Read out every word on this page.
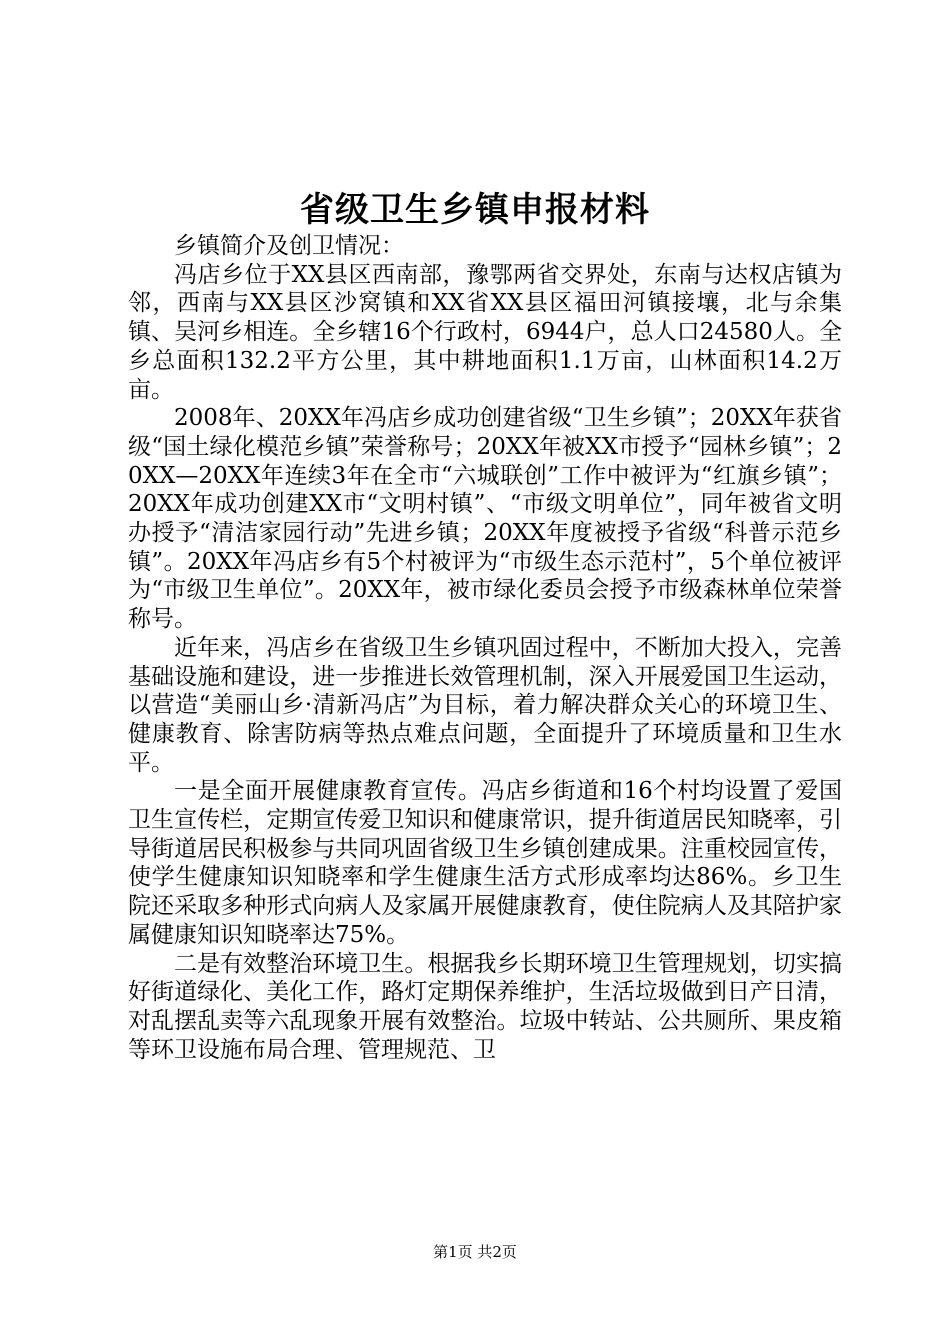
省级卫生乡镇申报材料

乡镇简介及创卫情况：

冯店乡位于XX县区西南部，豫鄂两省交界处，东南与达权店镇为邻，西南与XX县区沙窝镇和XX省XX县区福田河镇接壤，北与余集镇、吴河乡相连。全乡辖16个行政村，6944户，总人口24580人。全乡总面积132.2平方公里，其中耕地面积1.1万亩，山林面积14.2万亩。

2008年、20XX年冯店乡成功创建省级“卫生乡镇”；20XX年获省级“国土绿化模范乡镇”荣誉称号；20XX年被XX市授予“园林乡镇”；20XX—20XX年连续3年在全市“六城联创”工作中被评为“红旗乡镇”；20XX年成功创建XX市“文明村镇”、“市级文明单位”，同年被省文明办授予“清洁家园行动”先进乡镇；20XX年度被授予省级“科普示范乡镇”。20XX年冯店乡有5个村被评为“市级生态示范村”，5个单位被评为“市级卫生单位”。20XX年，被市绿化委员会授予市级森林单位荣誉称号。

近年来，冯店乡在省级卫生乡镇巩固过程中，不断加大投入，完善基础设施和建设，进一步推进长效管理机制，深入开展爱国卫生运动，以营造“美丽山乡·清新冯店”为目标，着力解决群众关心的环境卫生、健康教育、除害防病等热点难点问题，全面提升了环境质量和卫生水平。

一是全面开展健康教育宣传。冯店乡街道和16个村均设置了爱国卫生宣传栏，定期宣传爱卫知识和健康常识，提升街道居民知晓率，引导街道居民积极参与共同巩固省级卫生乡镇创建成果。注重校园宣传，使学生健康知识知晓率和学生健康生活方式形成率均达86%。乡卫生院还采取多种形式向病人及家属开展健康教育，使住院病人及其陪护家属健康知识知晓率达75%。

二是有效整治环境卫生。根据我乡长期环境卫生管理规划，切实搞好街道绿化、美化工作，路灯定期保养维护，生活垃圾做到日产日清，对乱摆乱卖等六乱现象开展有效整治。垃圾中转站、公共厕所、果皮箱等环卫设施布局合理、管理规范、卫

第1页 共2页
